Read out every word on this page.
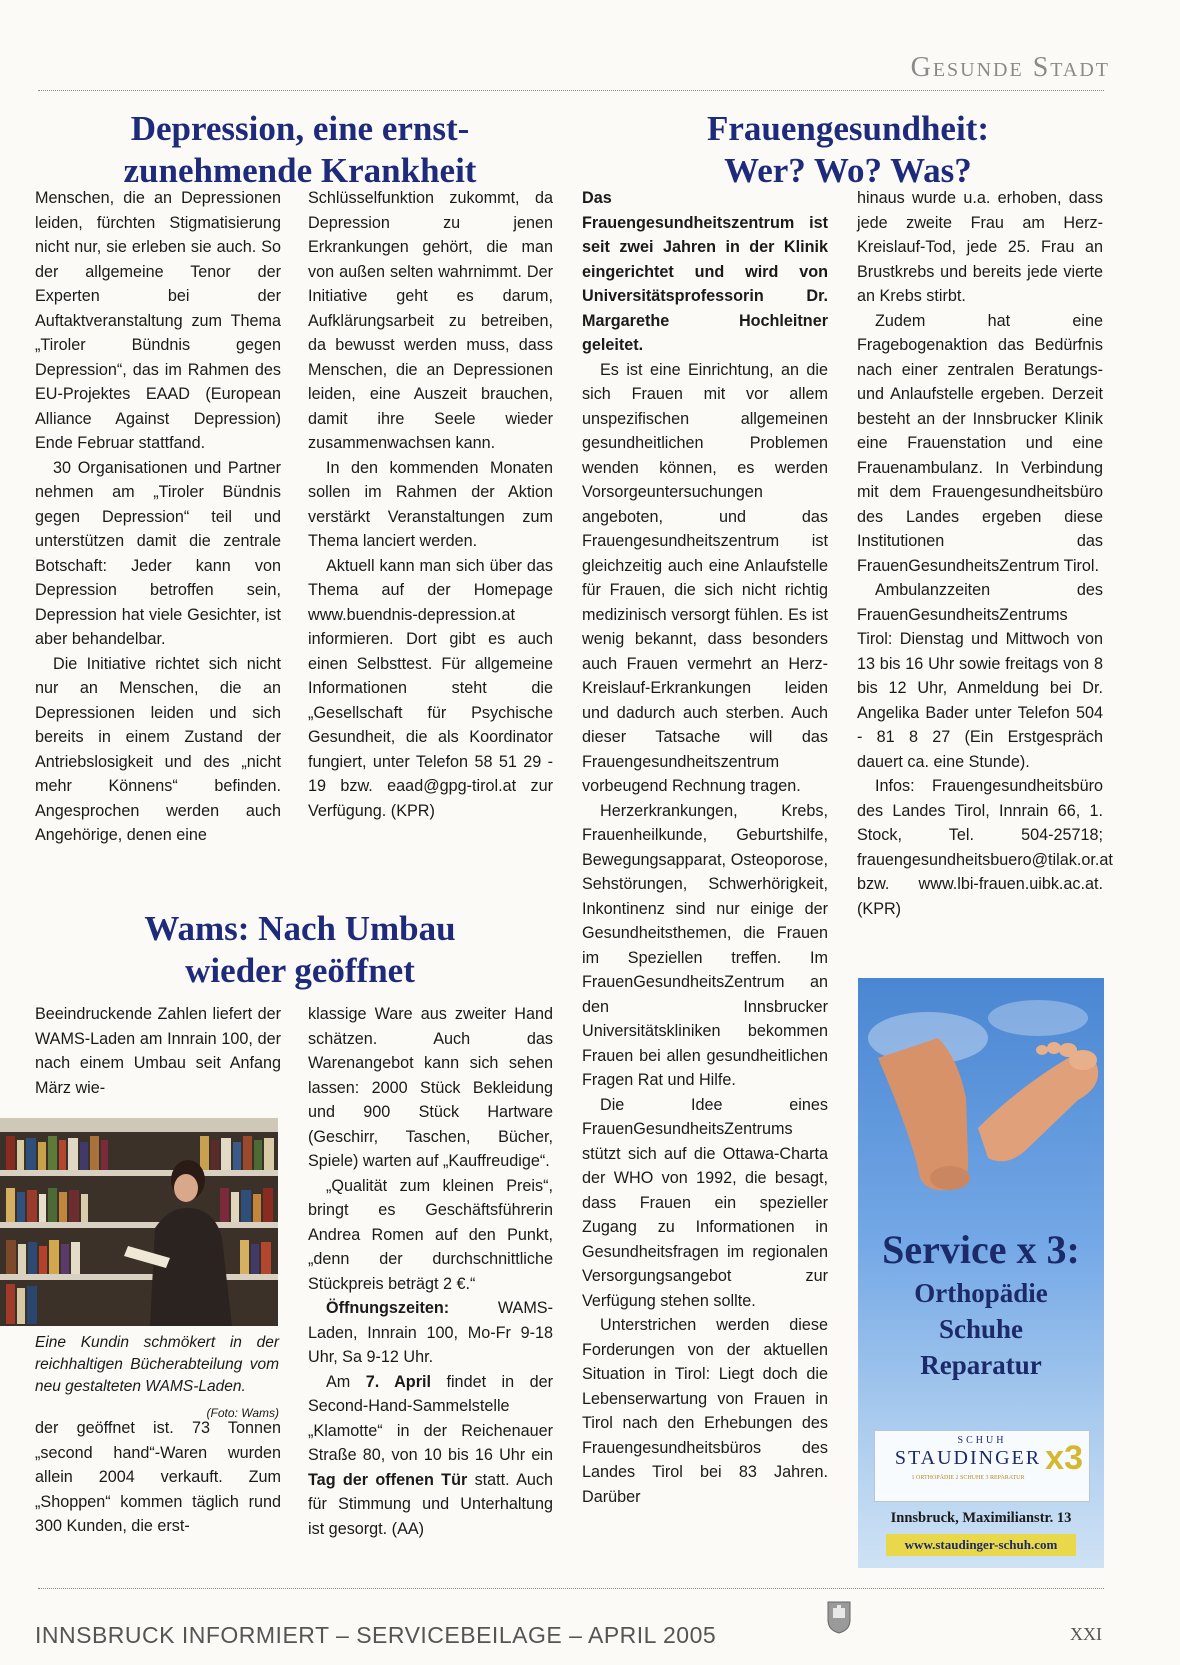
Gesunde Stadt
Depression, eine ernst-
zunehmende Krankheit
Frauengesundheit:
Wer? Wo? Was?

Menschen, die an Depressionen leiden, fürchten Stigmatisierung nicht nur, sie erleben sie auch. So der allgemeine Tenor der Experten bei der Auftaktveranstaltung zum Thema „Tiroler Bündnis gegen Depression“, das im Rahmen des EU-Projektes EAAD (European Alliance Against Depression) Ende Februar stattfand.

30 Organisationen und Partner nehmen am „Tiroler Bündnis gegen Depression“ teil und unterstützen damit die zentrale Botschaft: Jeder kann von Depression betroffen sein, Depression hat viele Gesichter, ist aber behandelbar.

Die Initiative richtet sich nicht nur an Menschen, die an Depressionen leiden und sich bereits in einem Zustand der Antriebslosigkeit und des „nicht mehr Könnens“ befinden. Angesprochen werden auch Angehörige, denen eine

Schlüsselfunktion zukommt, da Depression zu jenen Erkrankungen gehört, die man von außen selten wahrnimmt. Der Initiative geht es darum, Aufklärungsarbeit zu betreiben, da bewusst werden muss, dass Menschen, die an Depressionen leiden, eine Auszeit brauchen, damit ihre Seele wieder zusammenwachsen kann.

In den kommenden Monaten sollen im Rahmen der Aktion verstärkt Veranstaltungen zum Thema lanciert werden.

Aktuell kann man sich über das Thema auf der Homepage www.buendnis-depression.at informieren. Dort gibt es auch einen Selbsttest. Für allgemeine Informationen steht die „Gesellschaft für Psychische Gesundheit, die als Koordinator fungiert, unter Telefon 58 51 29 - 19 bzw. eaad@gpg-tirol.at zur Verfügung. (KPR)

Wams: Nach Umbau
wieder geöffnet

Beeindruckende Zahlen liefert der WAMS-Laden am Innrain 100, der nach einem Umbau seit Anfang März wie-

Eine Kundin schmökert in der reichhaltigen Bücherabteilung vom neu gestalteten WAMS-Laden.
(Foto: Wams)

der geöffnet ist. 73 Tonnen „second hand“-Waren wurden allein 2004 verkauft. Zum „Shoppen“ kommen täglich rund 300 Kunden, die erst-

klassige Ware aus zweiter Hand schätzen. Auch das Warenangebot kann sich sehen lassen: 2000 Stück Bekleidung und 900 Stück Hartware (Geschirr, Taschen, Bücher, Spiele) warten auf „Kauffreudige“.

„Qualität zum kleinen Preis“, bringt es Geschäftsführerin Andrea Romen auf den Punkt, „denn der durchschnittliche Stückpreis beträgt 2 €.“

Öffnungszeiten: WAMS-Laden, Innrain 100, Mo-Fr 9-18 Uhr, Sa 9-12 Uhr.

Am 7. April findet in der Second-Hand-Sammelstelle „Klamotte“ in der Reichenauer Straße 80, von 10 bis 16 Uhr ein Tag der offenen Tür statt. Auch für Stimmung und Unterhaltung ist gesorgt. (AA)

Das Frauengesundheitszentrum ist seit zwei Jahren in der Klinik eingerichtet und wird von Universitätsprofessorin Dr. Margarethe Hochleitner geleitet.

Es ist eine Einrichtung, an die sich Frauen mit vor allem unspezifischen allgemeinen gesundheitlichen Problemen wenden können, es werden Vorsorgeuntersuchungen angeboten, und das Frauengesundheitszentrum ist gleichzeitig auch eine Anlaufstelle für Frauen, die sich nicht richtig medizinisch versorgt fühlen. Es ist wenig bekannt, dass besonders auch Frauen vermehrt an Herz-Kreislauf-Erkrankungen leiden und dadurch auch sterben. Auch dieser Tatsache will das Frauengesundheitszentrum vorbeugend Rechnung tragen.

Herzerkrankungen, Krebs, Frauenheilkunde, Geburtshilfe, Bewegungsapparat, Osteoporose, Sehstörungen, Schwerhörigkeit, Inkontinenz sind nur einige der Gesundheitsthemen, die Frauen im Speziellen treffen. Im FrauenGesundheitsZentrum an den Innsbrucker Universitätskliniken bekommen Frauen bei allen gesundheitlichen Fragen Rat und Hilfe.

Die Idee eines FrauenGesundheitsZentrums stützt sich auf die Ottawa-Charta der WHO von 1992, die besagt, dass Frauen ein spezieller Zugang zu Informationen in Gesundheitsfragen im regionalen Versorgungsangebot zur Verfügung stehen sollte.

Unterstrichen werden diese Forderungen von der aktuellen Situation in Tirol: Liegt doch die Lebenserwartung von Frauen in Tirol nach den Erhebungen des Frauengesundheitsbüros des Landes Tirol bei 83 Jahren. Darüber

hinaus wurde u.a. erhoben, dass jede zweite Frau am Herz-Kreislauf-Tod, jede 25. Frau an Brustkrebs und bereits jede vierte an Krebs stirbt.

Zudem hat eine Fragebogenaktion das Bedürfnis nach einer zentralen Beratungs- und Anlaufstelle ergeben. Derzeit besteht an der Innsbrucker Klinik eine Frauenstation und eine Frauenambulanz. In Verbindung mit dem Frauengesundheitsbüro des Landes ergeben diese Institutionen das FrauenGesundheitsZentrum Tirol.

Ambulanzzeiten des FrauenGesundheitsZentrums Tirol: Dienstag und Mittwoch von 13 bis 16 Uhr sowie freitags von 8 bis 12 Uhr, Anmeldung bei Dr. Angelika Bader unter Telefon 504 - 81 8 27 (Ein Erstgespräch dauert ca. eine Stunde).

Infos: Frauengesundheitsbüro des Landes Tirol, Innrain 66, 1. Stock, Tel. 504-25718; frauengesundheitsbuero@tilak.or.at bzw. www.lbi-frauen.uibk.ac.at. (KPR)

Service x 3:
Orthopädie
Schuhe
Reparatur
SCHUH
STAUDINGER x3
1 ORTHOPÄDIE 2 SCHUHE 3 REPARATUR
Innsbruck, Maximilianstr. 13
www.staudinger-schuh.com
INNSBRUCK INFORMIERT – SERVICEBEILAGE – APRIL 2005	XXI
